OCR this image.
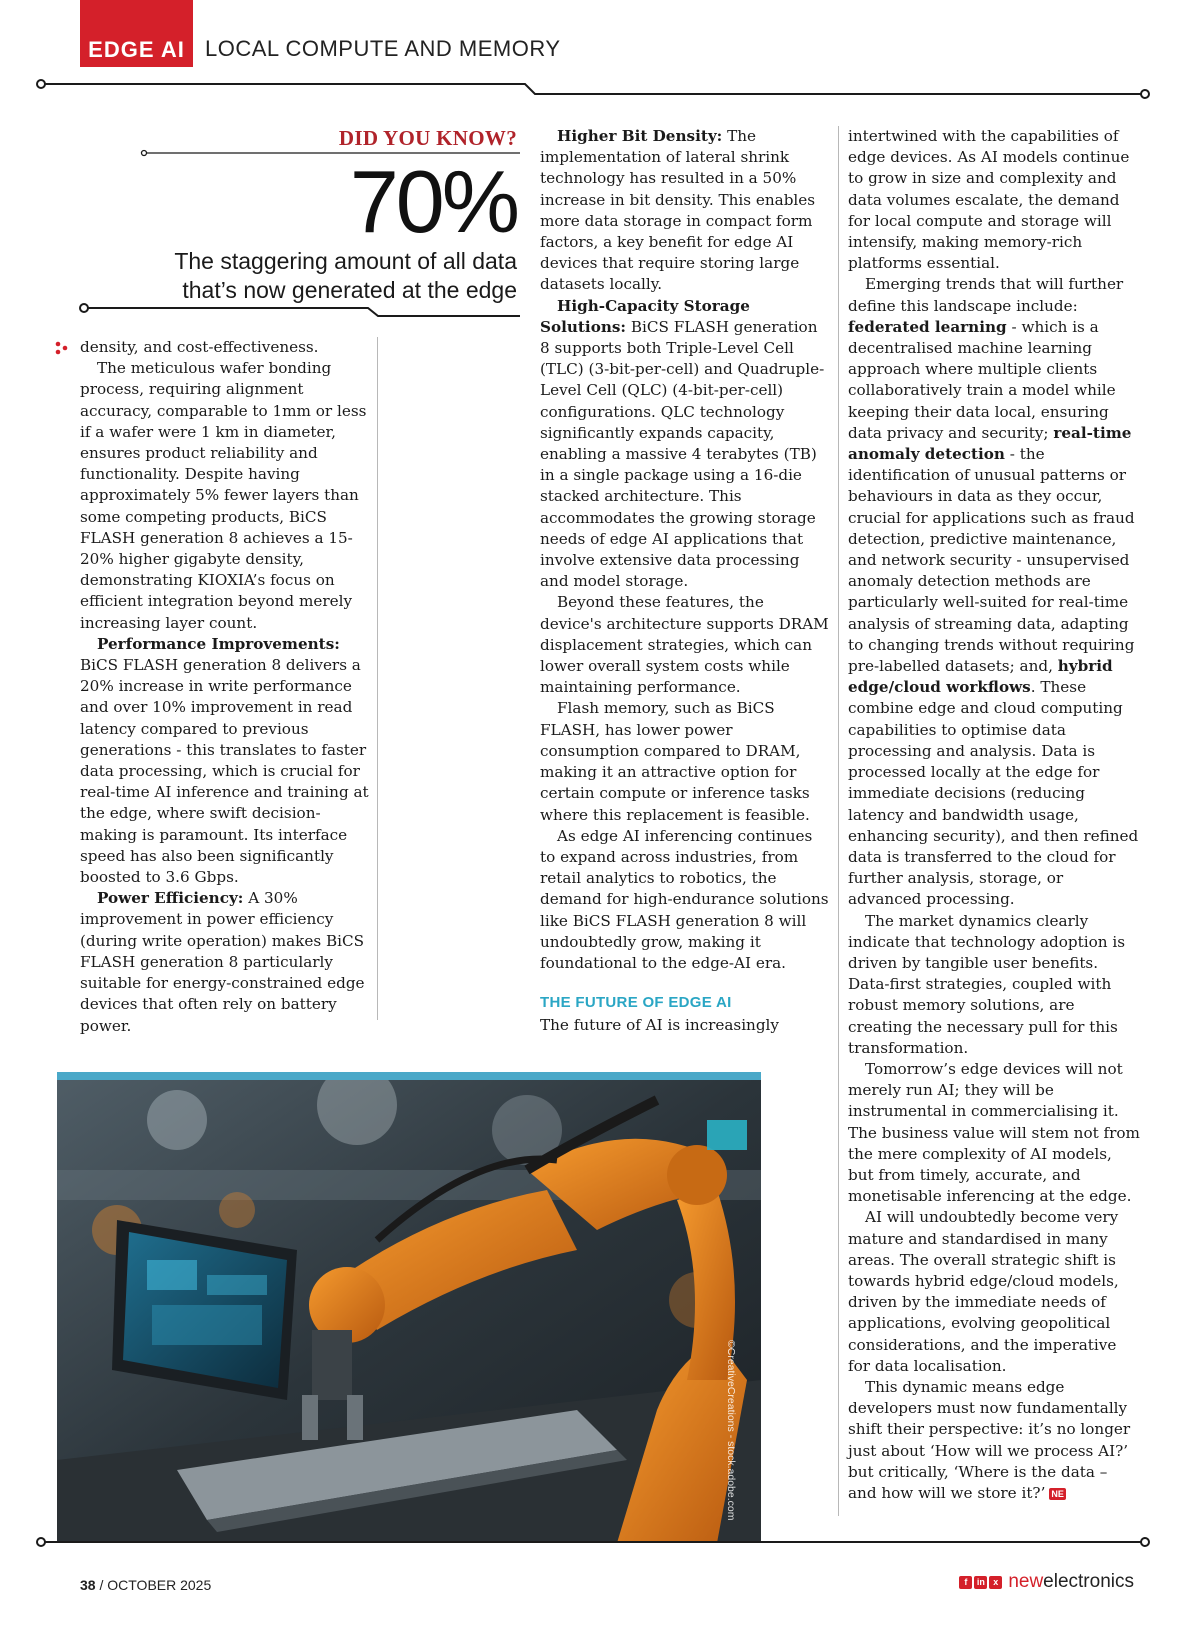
EDGE AI LOCAL COMPUTE AND MEMORY
DID YOU KNOW?
70%
The staggering amount of all data that’s now generated at the edge

density, and cost-effectiveness.

The meticulous wafer bonding process, requiring alignment accuracy, comparable to 1mm or less if a wafer were 1 km in diameter, ensures product reliability and functionality. Despite having approximately 5% fewer layers than some competing products, BiCS FLASH generation 8 achieves a 15-20% higher gigabyte density, demonstrating KIOXIA’s focus on efficient integration beyond merely increasing layer count.

Performance Improvements: BiCS FLASH generation 8 delivers a 20% increase in write performance and over 10% improvement in read latency compared to previous generations - this translates to faster data processing, which is crucial for real-time AI inference and training at the edge, where swift decision-making is paramount. Its interface speed has also been significantly boosted to 3.6 Gbps.

Power Efficiency: A 30% improvement in power efficiency (during write operation) makes BiCS FLASH generation 8 particularly suitable for energy-constrained edge devices that often rely on battery power.

Higher Bit Density: The implementation of lateral shrink technology has resulted in a 50% increase in bit density. This enables more data storage in compact form factors, a key benefit for edge AI devices that require storing large datasets locally.

High-Capacity Storage Solutions: BiCS FLASH generation 8 supports both Triple-Level Cell (TLC) (3-bit-per-cell) and Quadruple-Level Cell (QLC) (4-bit-per-cell) configurations. QLC technology significantly expands capacity, enabling a massive 4 terabytes (TB) in a single package using a 16-die stacked architecture. This accommodates the growing storage needs of edge AI applications that involve extensive data processing and model storage.

Beyond these features, the device's architecture supports DRAM displacement strategies, which can lower overall system costs while maintaining performance.

Flash memory, such as BiCS FLASH, has lower power consumption compared to DRAM, making it an attractive option for certain compute or inference tasks where this replacement is feasible.

As edge AI inferencing continues to expand across industries, from retail analytics to robotics, the demand for high-endurance solutions like BiCS FLASH generation 8 will undoubtedly grow, making it foundational to the edge-AI era.

THE FUTURE OF EDGE AI

The future of AI is increasingly

intertwined with the capabilities of edge devices. As AI models continue to grow in size and complexity and data volumes escalate, the demand for local compute and storage will intensify, making memory-rich platforms essential.

Emerging trends that will further define this landscape include: federated learning - which is a decentralised machine learning approach where multiple clients collaboratively train a model while keeping their data local, ensuring data privacy and security; real-time anomaly detection - the identification of unusual patterns or behaviours in data as they occur, crucial for applications such as fraud detection, predictive maintenance, and network security - unsupervised anomaly detection methods are particularly well-suited for real-time analysis of streaming data, adapting to changing trends without requiring pre-labelled datasets; and, hybrid edge/cloud workflows. These combine edge and cloud computing capabilities to optimise data processing and analysis. Data is processed locally at the edge for immediate decisions (reducing latency and bandwidth usage, enhancing security), and then refined data is transferred to the cloud for further analysis, storage, or advanced processing.

The market dynamics clearly indicate that technology adoption is driven by tangible user benefits. Data-first strategies, coupled with robust memory solutions, are creating the necessary pull for this transformation.

Tomorrow’s edge devices will not merely run AI; they will be instrumental in commercialising it. The business value will stem not from the mere complexity of AI models, but from timely, accurate, and monetisable inferencing at the edge.

AI will undoubtedly become very mature and standardised in many areas. The overall strategic shift is towards hybrid edge/cloud models, driven by the immediate needs of applications, evolving geopolitical considerations, and the imperative for data localisation.

This dynamic means edge developers must now fundamentally shift their perspective: it’s no longer just about ‘How will we process AI?’ but critically, ‘Where is the data – and how will we store it?’ NE

©CreativeCreations - stock.adobe.com
38 / OCTOBER 2025	f	in x newelectronics
